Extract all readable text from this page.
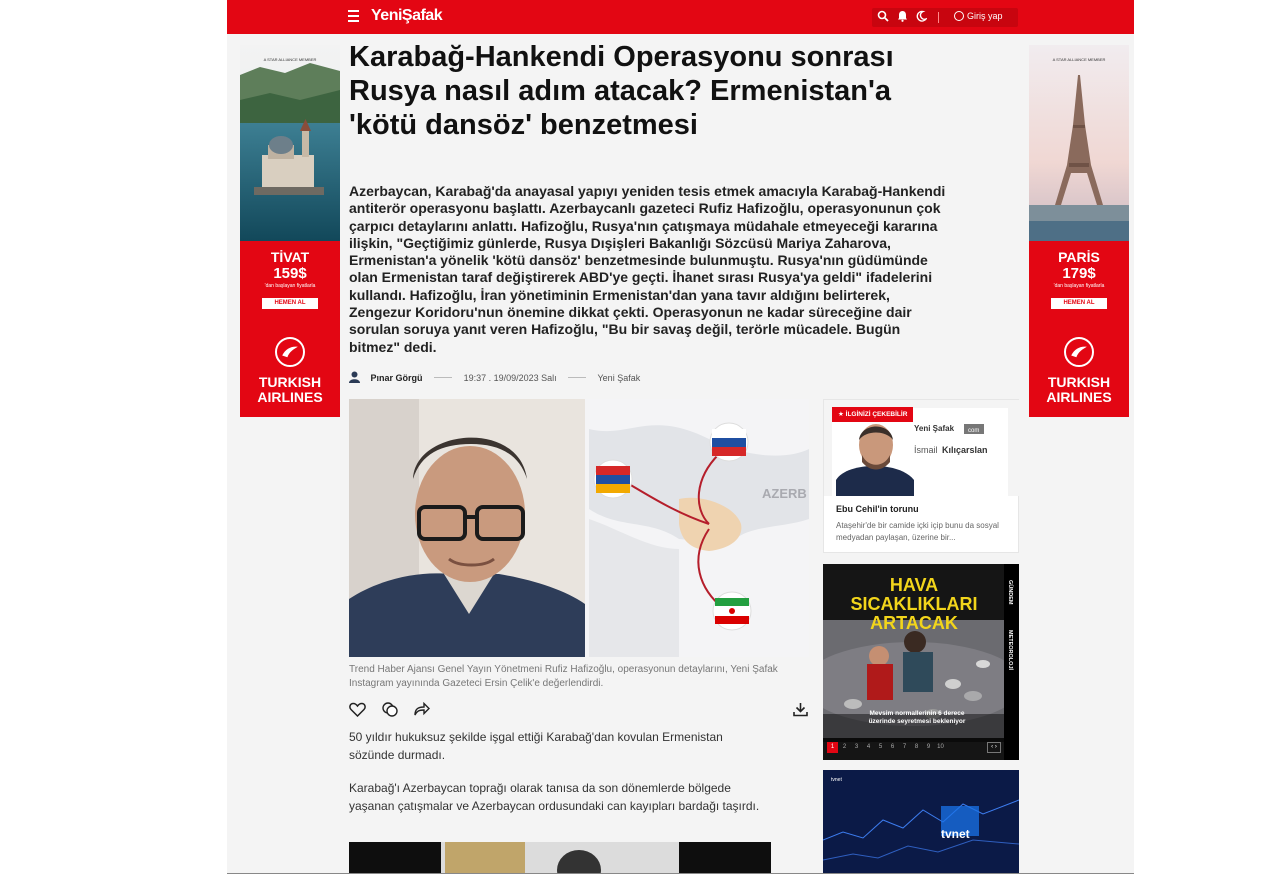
YeniŞafak	Giriş yap
A STAR ALLIANCE MEMBER
TİVAT
159$
'dan başlayan fiyatlarla
HEMEN AL
TURKISH
AIRLINES
A STAR ALLIANCE MEMBER
PARİS
179$
'dan başlayan fiyatlarla
HEMEN AL
TURKISH
AIRLINES
Karabağ-Hankendi Operasyonu sonrası Rusya nasıl adım atacak? Ermenistan'a 'kötü dansöz' benzetmesi

Azerbaycan, Karabağ'da anayasal yapıyı yeniden tesis etmek amacıyla Karabağ-Hankendi antiterör operasyonu başlattı. Azerbaycanlı gazeteci Rufiz Hafizoğlu, operasyonunun çok çarpıcı detaylarını anlattı. Hafizoğlu, Rusya'nın çatışmaya müdahale etmeyeceği kararına ilişkin, "Geçtiğimiz günlerde, Rusya Dışişleri Bakanlığı Sözcüsü Mariya Zaharova, Ermenistan'a yönelik 'kötü dansöz' benzetmesinde bulunmuştu. Rusya'nın güdümünde olan Ermenistan taraf değiştirerek ABD'ye geçti. İhanet sırası Rusya'ya geldi" ifadelerini kullandı. Hafizoğlu, İran yönetiminin Ermenistan'dan yana tavır aldığını belirterek, Zengezur Koridoru'nun önemine dikkat çekti. Operasyonun ne kadar süreceğine dair sorulan soruya yanıt veren Hafizoğlu, "Bu bir savaş değil, terörle mücadele. Bugün bitmez" dedi.

Pınar Görgü	19:37 . 19/09/2023 Salı	Yeni Şafak
AZERB

Trend Haber Ajansı Genel Yayın Yönetmeni Rufiz Hafizoğlu, operasyonun detaylarını, Yeni Şafak Instagram yayınında Gazeteci Ersin Çelik'e değerlendirdi.

50 yıldır hukuksuz şekilde işgal ettiği Karabağ'dan kovulan Ermenistan sözünde durmadı.

Karabağ'ı Azerbaycan toprağı olarak tanısa da son dönemlerde bölgede yaşanan çatışmalar ve Azerbaycan ordusundaki can kayıpları bardağı taşırdı.

Yeni Şafak com
İsmail Kılıçarslan
★ İLGİNİZİ ÇEKEBİLİR
Ebu Cehil'in torunu
Ataşehir'de bir camide içki içip bunu da sosyal medyadan paylaşan, üzerine bir...
HAVA SICAKLIKLARI
ARTACAK
GÜNDEM
METEOROLOJİ
Mevsim normallerinin 6 derece
üzerinde seyretmesi bekleniyor
1 2 3 4 5 6 7 8 9 10	‹ ›
tvnet
tvnet
